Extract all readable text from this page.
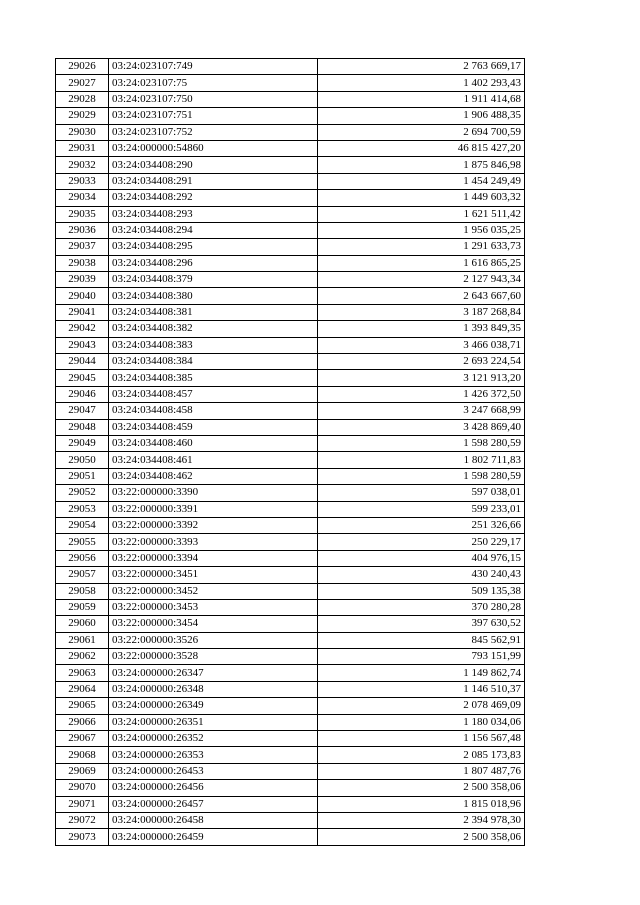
29026	03:24:023107:749	2 763 669,17
29027	03:24:023107:75	1 402 293,43
29028	03:24:023107:750	1 911 414,68
29029	03:24:023107:751	1 906 488,35
29030	03:24:023107:752	2 694 700,59
29031	03:24:000000:54860	46 815 427,20
29032	03:24:034408:290	1 875 846,98
29033	03:24:034408:291	1 454 249,49
29034	03:24:034408:292	1 449 603,32
29035	03:24:034408:293	1 621 511,42
29036	03:24:034408:294	1 956 035,25
29037	03:24:034408:295	1 291 633,73
29038	03:24:034408:296	1 616 865,25
29039	03:24:034408:379	2 127 943,34
29040	03:24:034408:380	2 643 667,60
29041	03:24:034408:381	3 187 268,84
29042	03:24:034408:382	1 393 849,35
29043	03:24:034408:383	3 466 038,71
29044	03:24:034408:384	2 693 224,54
29045	03:24:034408:385	3 121 913,20
29046	03:24:034408:457	1 426 372,50
29047	03:24:034408:458	3 247 668,99
29048	03:24:034408:459	3 428 869,40
29049	03:24:034408:460	1 598 280,59
29050	03:24:034408:461	1 802 711,83
29051	03:24:034408:462	1 598 280,59
29052	03:22:000000:3390	597 038,01
29053	03:22:000000:3391	599 233,01
29054	03:22:000000:3392	251 326,66
29055	03:22:000000:3393	250 229,17
29056	03:22:000000:3394	404 976,15
29057	03:22:000000:3451	430 240,43
29058	03:22:000000:3452	509 135,38
29059	03:22:000000:3453	370 280,28
29060	03:22:000000:3454	397 630,52
29061	03:22:000000:3526	845 562,91
29062	03:22:000000:3528	793 151,99
29063	03:24:000000:26347	1 149 862,74
29064	03:24:000000:26348	1 146 510,37
29065	03:24:000000:26349	2 078 469,09
29066	03:24:000000:26351	1 180 034,06
29067	03:24:000000:26352	1 156 567,48
29068	03:24:000000:26353	2 085 173,83
29069	03:24:000000:26453	1 807 487,76
29070	03:24:000000:26456	2 500 358,06
29071	03:24:000000:26457	1 815 018,96
29072	03:24:000000:26458	2 394 978,30
29073	03:24:000000:26459	2 500 358,06
